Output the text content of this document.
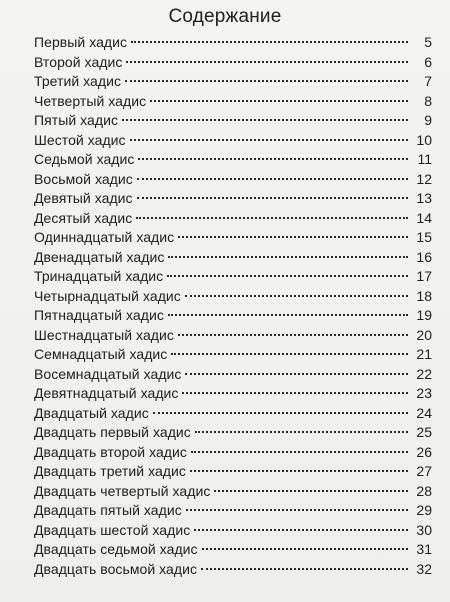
Содержание
Первый хадис	5
Второй хадис	6
Третий хадис	7
Четвертый хадис	8
Пятый хадис	9
Шестой хадис	10
Седьмой хадис	11
Восьмой хадис	12
Девятый хадис	13
Десятый хадис	14
Одиннадцатый хадис	15
Двенадцатый хадис	16
Тринадцатый хадис	17
Четырнадцатый хадис	18
Пятнадцатый хадис	19
Шестнадцатый хадис	20
Семнадцатый хадис	21
Восемнадцатый хадис	22
Девятнадцатый хадис	23
Двадцатый хадис	24
Двадцать первый хадис	25
Двадцать второй хадис	26
Двадцать третий хадис	27
Двадцать четвертый хадис	28
Двадцать пятый хадис	29
Двадцать шестой хадис	30
Двадцать седьмой хадис	31
Двадцать восьмой хадис	32
